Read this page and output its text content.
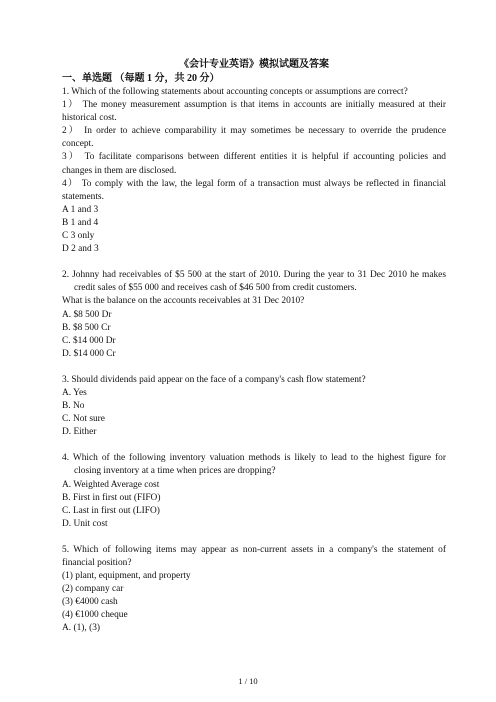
《会计专业英语》模拟试题及答案

一、单选题 （每题 1 分，共 20 分）

1. Which of the following statements about accounting concepts or assumptions are correct?

1） The money measurement assumption is that items in accounts are initially measured at their historical cost.

2） In order to achieve comparability it may sometimes be necessary to override the prudence concept.

3） To facilitate comparisons between different entities it is helpful if accounting policies and changes in them are disclosed.

4） To comply with the law, the legal form of a transaction must always be reflected in financial statements.

A 1 and 3

B 1 and 4

C 3 only

D 2 and 3

2. Johnny had receivables of $5 500 at the start of 2010. During the year to 31 Dec 2010 he makes credit sales of $55 000 and receives cash of $46 500 from credit customers.

What is the balance on the accounts receivables at 31 Dec 2010?

A. $8 500 Dr

B. $8 500 Cr

C. $14 000 Dr

D. $14 000 Cr

3. Should dividends paid appear on the face of a company's cash flow statement?

A. Yes

B. No

C. Not sure

D. Either

4. Which of the following inventory valuation methods is likely to lead to the highest figure for closing inventory at a time when prices are dropping?

A. Weighted Average cost

B. First in first out (FIFO)

C. Last in first out (LIFO)

D. Unit cost

5. Which of following items may appear as non-current assets in a company's the statement of financial position?

(1) plant, equipment, and property

(2) company car

(3) €4000 cash

(4) €1000 cheque

A. (1), (3)

1 / 10
